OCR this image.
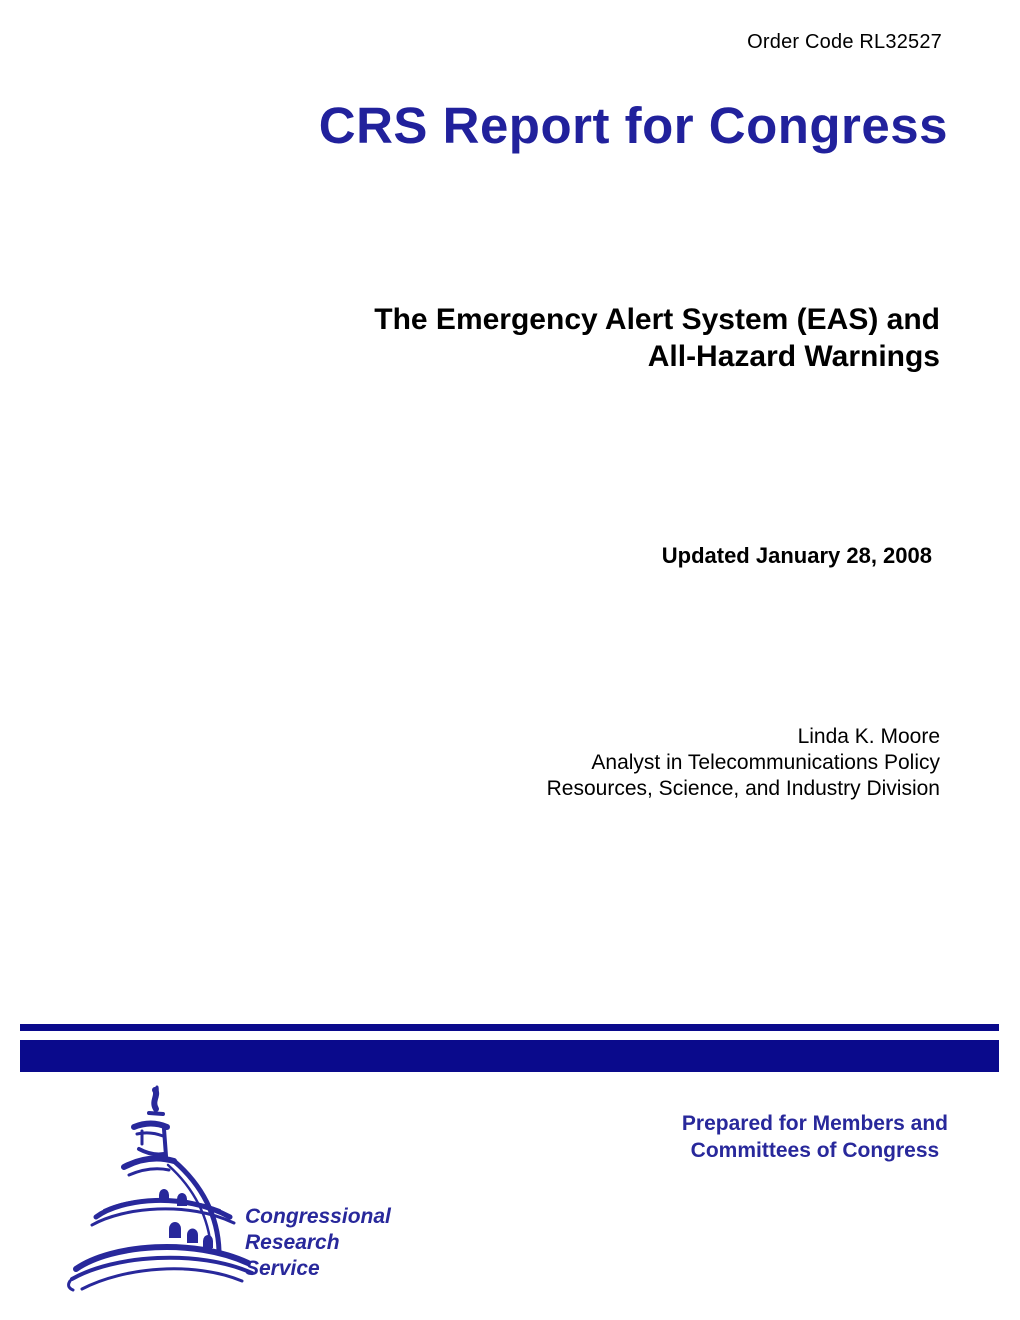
Order Code RL32527
CRS Report for Congress
The Emergency Alert System (EAS) and
All-Hazard Warnings
Updated January 28, 2008
Linda K. Moore
Analyst in Telecommunications Policy
Resources, Science, and Industry Division
Congressional
Research
Service
Prepared for Members and
Committees of Congress
